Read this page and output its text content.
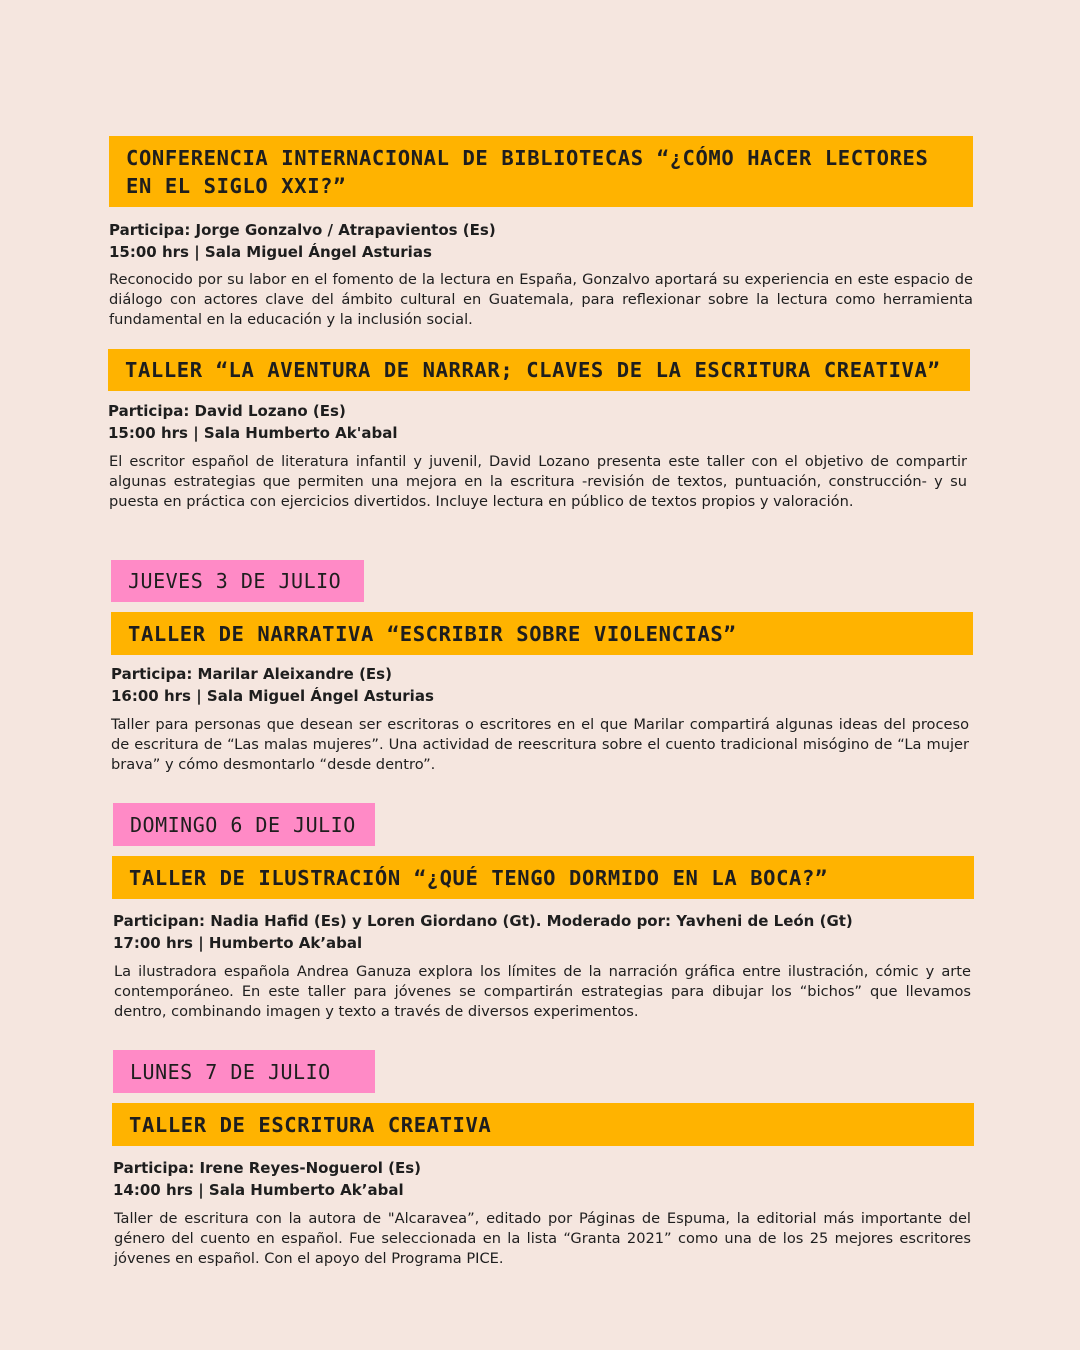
CONFERENCIA INTERNACIONAL DE BIBLIOTECAS “¿CÓMO HACER LECTORES EN EL SIGLO XXI?”
Participa: Jorge Gonzalvo / Atrapavientos (Es)
15:00 hrs | Sala Miguel Ángel Asturias
Reconocido por su labor en el fomento de la lectura en España, Gonzalvo aportará su experiencia en este espacio de diálogo con actores clave del ámbito cultural en Guatemala, para reflexionar sobre la lectura como herramienta fundamental en la educación y la inclusión social.
TALLER “LA AVENTURA DE NARRAR; CLAVES DE LA ESCRITURA CREATIVA”
Participa: David Lozano (Es)
15:00 hrs | Sala Humberto Ak'abal
El escritor español de literatura infantil y juvenil, David Lozano presenta este taller con el objetivo de compartir algunas estrategias que permiten una mejora en la escritura -revisión de textos, puntuación, construcción- y su puesta en práctica con ejercicios divertidos. Incluye lectura en público de textos propios y valoración.
JUEVES 3 DE JULIO
TALLER DE NARRATIVA “ESCRIBIR SOBRE VIOLENCIAS”
Participa: Marilar Aleixandre (Es)
16:00 hrs | Sala Miguel Ángel Asturias
Taller para personas que desean ser escritoras o escritores en el que Marilar compartirá algunas ideas del proceso de escritura de “Las malas mujeres”. Una actividad de reescritura sobre el cuento tradicional misógino de “La mujer brava” y cómo desmontarlo “desde dentro”.
DOMINGO 6 DE JULIO
TALLER DE ILUSTRACIÓN “¿QUÉ TENGO DORMIDO EN LA BOCA?”
Participan: Nadia Hafid (Es) y Loren Giordano (Gt). Moderado por: Yavheni de León (Gt)
17:00 hrs | Humberto Ak’abal
La ilustradora española Andrea Ganuza explora los límites de la narración gráfica entre ilustración, cómic y arte contemporáneo. En este taller para jóvenes se compartirán estrategias para dibujar los “bichos” que llevamos dentro, combinando imagen y texto a través de diversos experimentos.
LUNES 7 DE JULIO
TALLER DE ESCRITURA CREATIVA
Participa: Irene Reyes-Noguerol (Es)
14:00 hrs | Sala Humberto Ak’abal
Taller de escritura con la autora de "Alcaravea”, editado por Páginas de Espuma, la editorial más importante del género del cuento en español. Fue seleccionada en la lista “Granta 2021” como una de los 25 mejores escritores jóvenes en español. Con el apoyo del Programa PICE.
